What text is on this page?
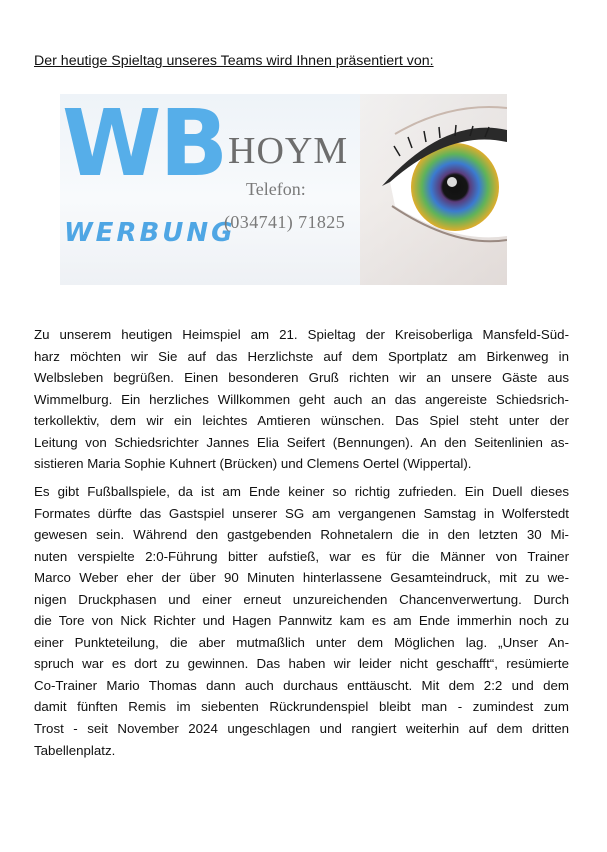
Der heutige Spieltag unseres Teams wird Ihnen präsentiert von:
WB
WERBUNG
HOYM
Telefon:
(034741) 71825
Zu unserem heutigen Heimspiel am 21. Spieltag der Kreisoberliga Mansfeld-Süd-
harz möchten wir Sie auf das Herzlichste auf dem Sportplatz am Birkenweg in
Welbsleben begrüßen. Einen besonderen Gruß richten wir an unsere Gäste aus
Wimmelburg. Ein herzliches Willkommen geht auch an das angereiste Schiedsrich-
terkollektiv, dem wir ein leichtes Amtieren wünschen. Das Spiel steht unter der
Leitung von Schiedsrichter Jannes Elia Seifert (Bennungen). An den Seitenlinien as-
sistieren Maria Sophie Kuhnert (Brücken) und Clemens Oertel (Wippertal).
Es gibt Fußballspiele, da ist am Ende keiner so richtig zufrieden. Ein Duell dieses
Formates dürfte das Gastspiel unserer SG am vergangenen Samstag in Wolferstedt
gewesen sein. Während den gastgebenden Rohnetalern die in den letzten 30 Mi-
nuten verspielte 2:0-Führung bitter aufstieß, war es für die Männer von Trainer
Marco Weber eher der über 90 Minuten hinterlassene Gesamteindruck, mit zu we-
nigen Druckphasen und einer erneut unzureichenden Chancenverwertung. Durch
die Tore von Nick Richter und Hagen Pannwitz kam es am Ende immerhin noch zu
einer Punkteteilung, die aber mutmaßlich unter dem Möglichen lag. „Unser An-
spruch war es dort zu gewinnen. Das haben wir leider nicht geschafft“, resümierte
Co-Trainer Mario Thomas dann auch durchaus enttäuscht. Mit dem 2:2 und dem
damit fünften Remis im siebenten Rückrundenspiel bleibt man - zumindest zum
Trost - seit November 2024 ungeschlagen und rangiert weiterhin auf dem dritten
Tabellenplatz.
